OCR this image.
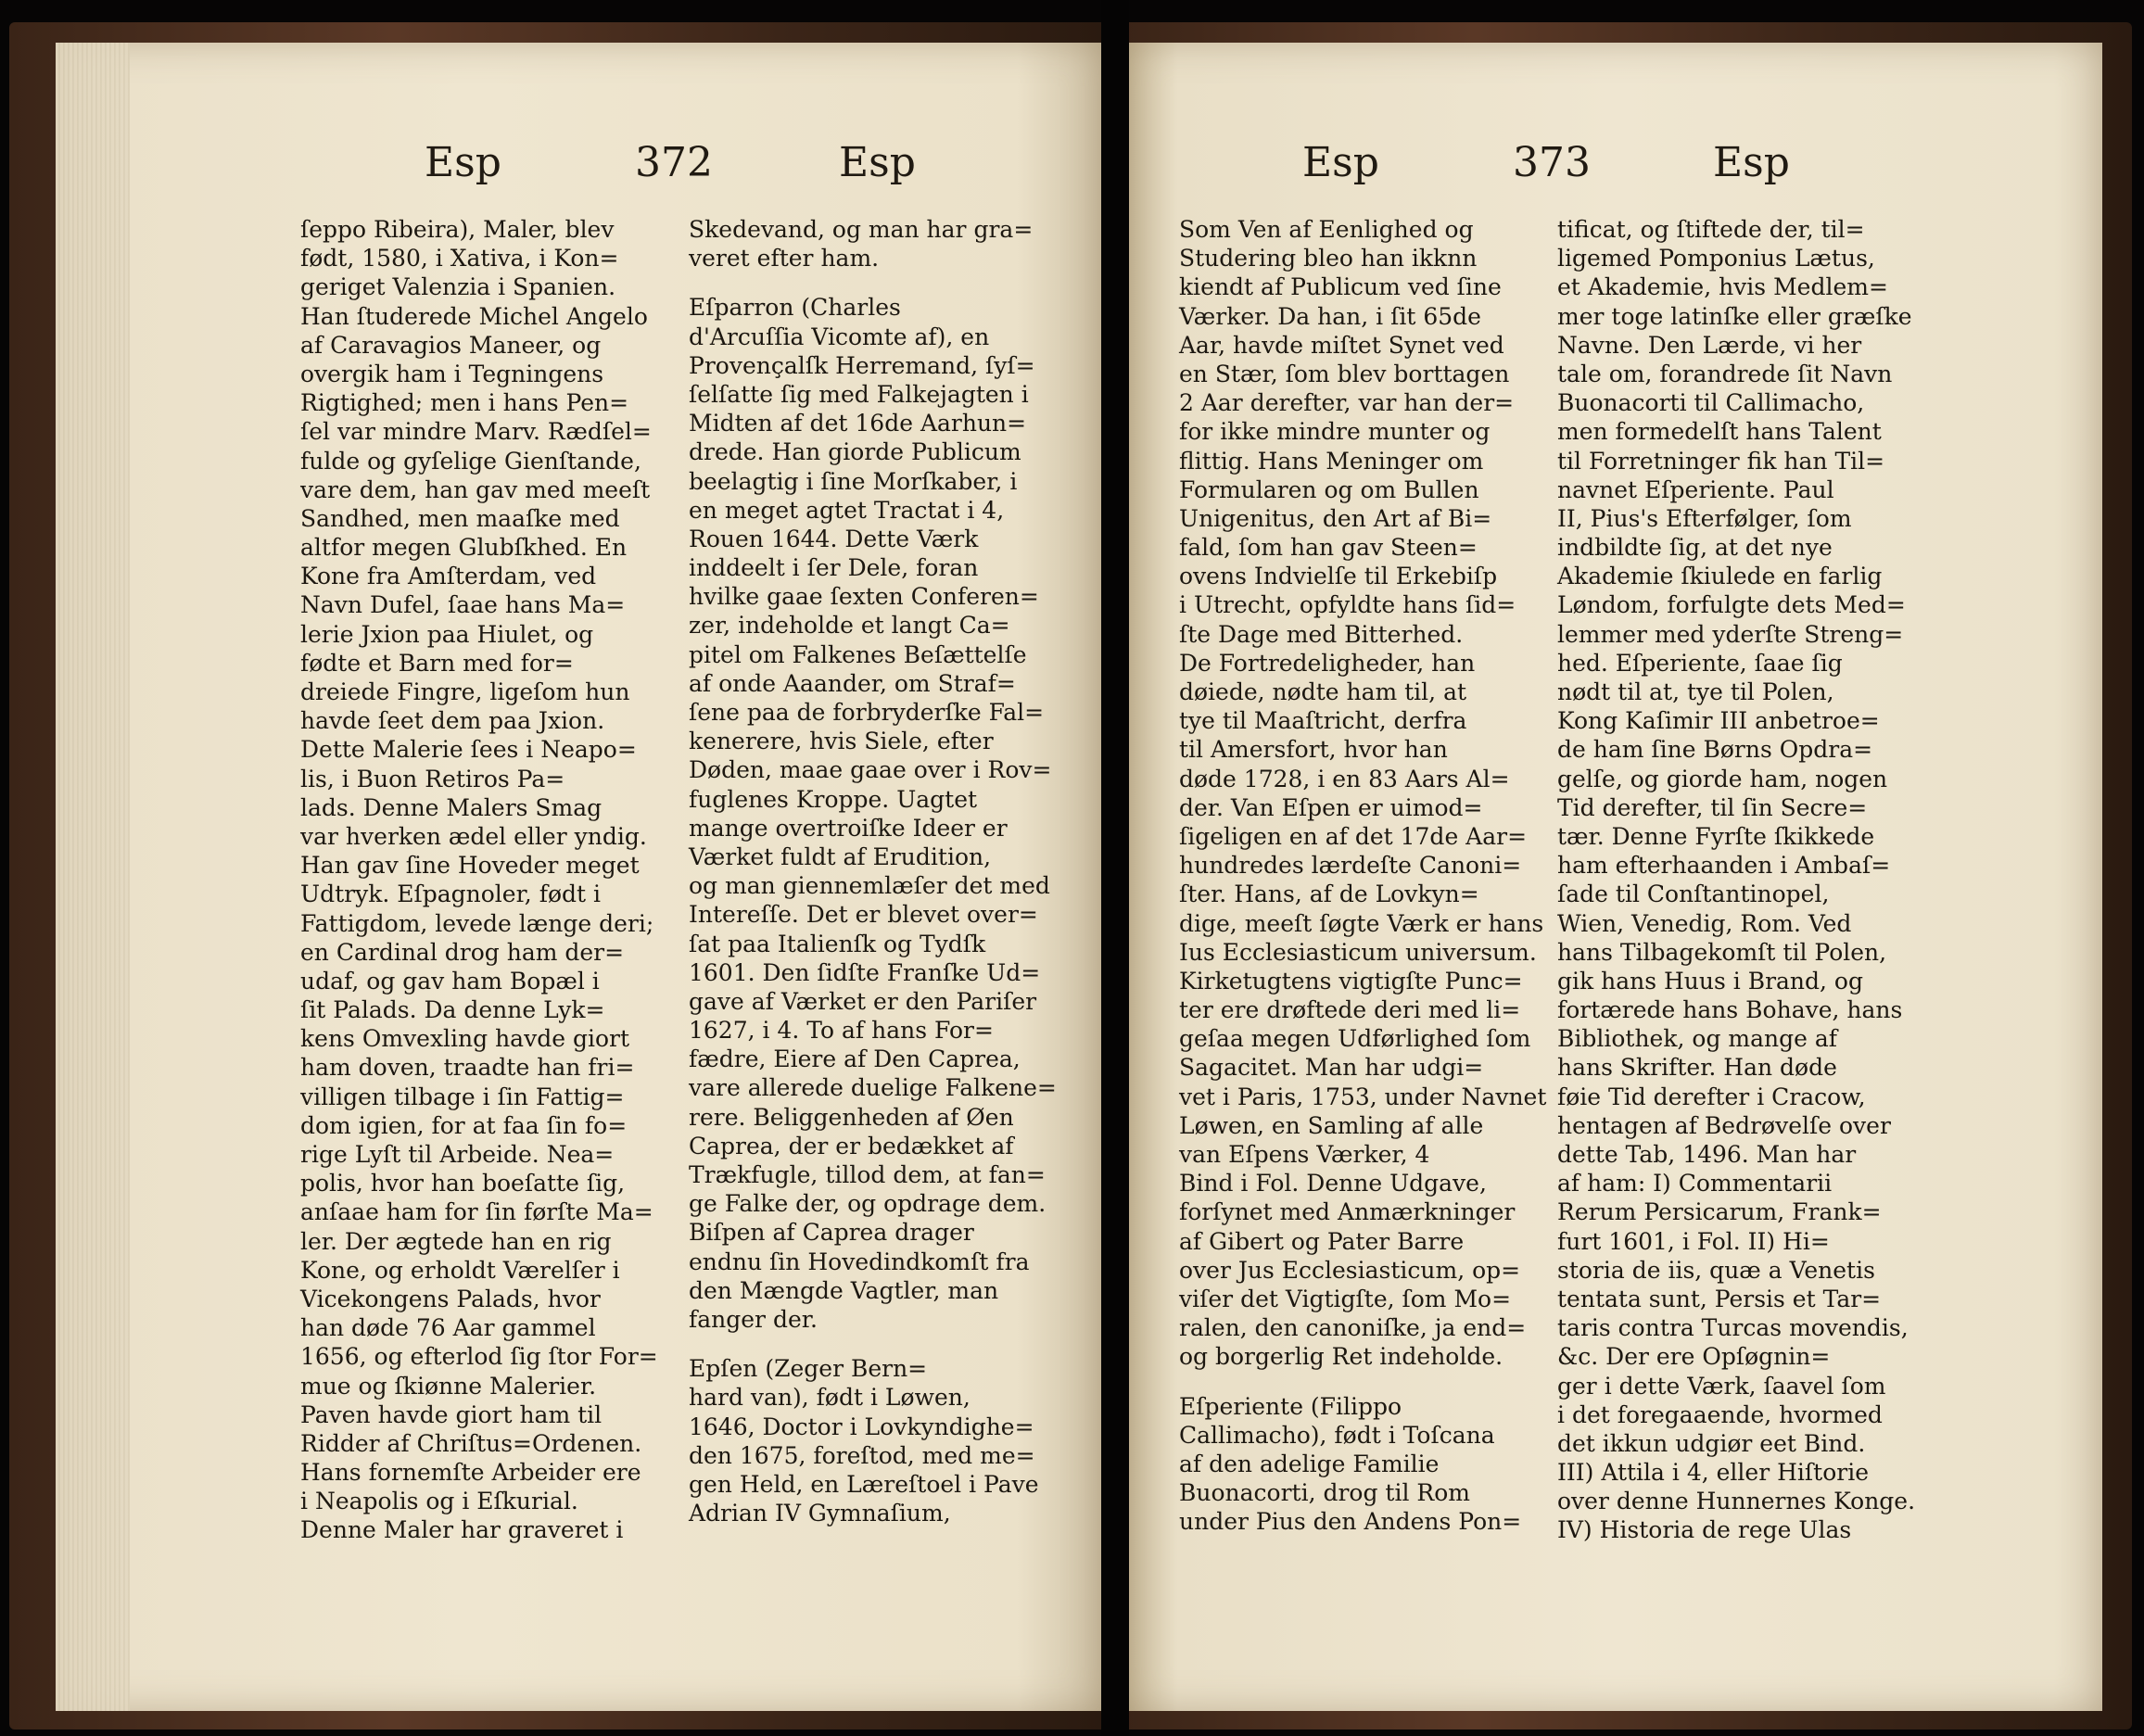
Esp	372	Esp	Esp	373	Esp
ſeppo Ribeira), Maler, blev
født, 1580, i Xativa, i Kon=
geriget Valenzia i Spanien.
Han ſtuderede Michel Angelo
af Caravagios Maneer, og
overgik ham i Tegningens
Rigtighed; men i hans Pen=
ſel var mindre Marv. Rædſel=
fulde og gyſelige Gienſtande,
vare dem, han gav med meeſt
Sandhed, men maaſke med
altfor megen Glubſkhed. En
Kone fra Amſterdam, ved
Navn Dufel, ſaae hans Ma=
lerie Jxion paa Hiulet, og
fødte et Barn med for=
dreiede Fingre, ligeſom hun
havde ſeet dem paa Jxion.
Dette Malerie ſees i Neapo=
lis, i Buon Retiros Pa=
lads. Denne Malers Smag
var hverken ædel eller yndig.
Han gav ſine Hoveder meget
Udtryk. Eſpagnoler, født i
Fattigdom, levede længe deri;
en Cardinal drog ham der=
udaf, og gav ham Bopæl i
ſit Palads. Da denne Lyk=
kens Omvexling havde giort
ham doven, traadte han fri=
villigen tilbage i ſin Fattig=
dom igien, for at faa ſin fo=
rige Lyſt til Arbeide. Nea=
polis, hvor han boeſatte ſig,
anſaae ham for ſin førſte Ma=
ler. Der ægtede han en rig
Kone, og erholdt Værelſer i
Vicekongens Palads, hvor
han døde 76 Aar gammel
1656, og efterlod ſig ſtor For=
mue og ſkiønne Malerier.
Paven havde giort ham til
Ridder af Chriſtus=Ordenen.
Hans fornemſte Arbeider ere
i Neapolis og i Eſkurial.
Denne Maler har graveret i
Skedevand, og man har gra=
veret efter ham.
Eſparron (Charles
d'Arcuſſia Vicomte af), en
Provençalſk Herremand, ſyſ=
ſelſatte ſig med Falkejagten i
Midten af det 16de Aarhun=
drede. Han giorde Publicum
beelagtig i ſine Morſkaber, i
en meget agtet Tractat i 4,
Rouen 1644. Dette Værk
inddeelt i ſer Dele, foran
hvilke gaae ſexten Conferen=
zer, indeholde et langt Ca=
pitel om Falkenes Beſættelſe
af onde Aaander, om Straf=
ſene paa de forbryderſke Fal=
kenerere, hvis Siele, efter
Døden, maae gaae over i Rov=
fuglenes Kroppe. Uagtet
mange overtroiſke Ideer er
Værket fuldt af Erudition,
og man giennemlæſer det med
Intereſſe. Det er blevet over=
ſat paa Italienſk og Tydſk
1601. Den ſidſte Franſke Ud=
gave af Værket er den Pariſer
1627, i 4. To af hans For=
fædre, Eiere af Den Caprea,
vare allerede duelige Falkene=
rere. Beliggenheden af Øen
Caprea, der er bedækket af
Trækfugle, tillod dem, at fan=
ge Falke der, og opdrage dem.
Biſpen af Caprea drager
endnu ſin Hovedindkomſt fra
den Mængde Vagtler, man
fanger der.
Epſen (Zeger Bern=
hard van), født i Løwen,
1646, Doctor i Lovkyndighe=
den 1675, foreſtod, med me=
gen Held, en Læreſtoel i Pave
Adrian IV Gymnaſium,
Som Ven af Eenlighed og
Studering bleo han ikknn
kiendt af Publicum ved ſine
Værker. Da han, i ſit 65de
Aar, havde miſtet Synet ved
en Stær, ſom blev borttagen
2 Aar derefter, var han der=
for ikke mindre munter og
flittig. Hans Meninger om
Formularen og om Bullen
Unigenitus, den Art af Bi=
fald, ſom han gav Steen=
ovens Indvielſe til Erkebiſp
i Utrecht, opfyldte hans ſid=
ſte Dage med Bitterhed.
De Fortredeligheder, han
døiede, nødte ham til, at
tye til Maaſtricht, derfra
til Amersfort, hvor han
døde 1728, i en 83 Aars Al=
der. Van Eſpen er uimod=
ſigeligen en af det 17de Aar=
hundredes lærdeſte Canoni=
ſter. Hans, af de Lovkyn=
dige, meeſt ſøgte Værk er hans
Ius Ecclesiasticum universum.
Kirketugtens vigtigſte Punc=
ter ere drøftede deri med li=
geſaa megen Udførlighed ſom
Sagacitet. Man har udgi=
vet i Paris, 1753, under Navnet
Løwen, en Samling af alle
van Eſpens Værker, 4
Bind i Fol. Denne Udgave,
forſynet med Anmærkninger
af Gibert og Pater Barre
over Jus Ecclesiasticum, op=
viſer det Vigtigſte, ſom Mo=
ralen, den canoniſke, ja end=
og borgerlig Ret indeholde.
Eſperiente (Filippo
Callimacho), født i Toſcana
af den adelige Familie
Buonacorti, drog til Rom
under Pius den Andens Pon=
tificat, og ſtiftede der, til=
ligemed Pomponius Lætus,
et Akademie, hvis Medlem=
mer toge latinſke eller græſke
Navne. Den Lærde, vi her
tale om, forandrede ſit Navn
Buonacorti til Callimacho,
men formedelſt hans Talent
til Forretninger fik han Til=
navnet Eſperiente. Paul
II, Pius's Efterfølger, ſom
indbildte ſig, at det nye
Akademie ſkiulede en farlig
Løndom, forfulgte dets Med=
lemmer med yderſte Streng=
hed. Eſperiente, ſaae ſig
nødt til at, tye til Polen,
Kong Kaſimir III anbetroe=
de ham ſine Børns Opdra=
gelſe, og giorde ham, nogen
Tid derefter, til ſin Secre=
tær. Denne Fyrſte ſkikkede
ham efterhaanden i Ambaſ=
ſade til Conſtantinopel,
Wien, Venedig, Rom. Ved
hans Tilbagekomſt til Polen,
gik hans Huus i Brand, og
fortærede hans Bohave, hans
Bibliothek, og mange af
hans Skrifter. Han døde
føie Tid derefter i Cracow,
hentagen af Bedrøvelſe over
dette Tab, 1496. Man har
af ham: I) Commentarii
Rerum Persicarum, Frank=
furt 1601, i Fol. II) Hi=
storia de iis, quæ a Venetis
tentata sunt, Persis et Tar=
taris contra Turcas movendis,
&c. Der ere Opſøgnin=
ger i dette Værk, ſaavel ſom
i det foregaaende, hvormed
det ikkun udgiør eet Bind.
III) Attila i 4, eller Hiſtorie
over denne Hunnernes Konge.
IV) Historia de rege Ulas
